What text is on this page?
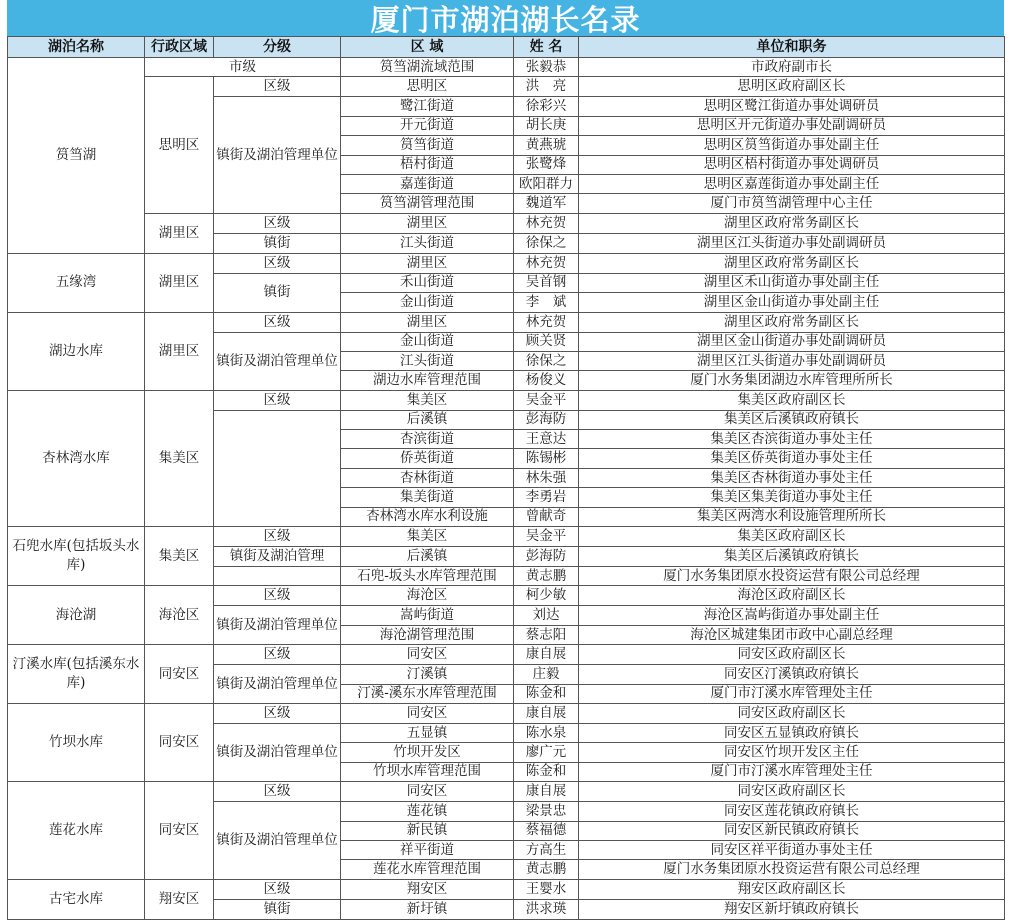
厦门市湖泊湖长名录
湖泊名称	行政区域	分级	区 域	姓 名	单位和职务
筼筜湖	市级		筼筜湖流域范围	张毅恭	市政府副市长
	思明区	区级	思明区	洪　亮	思明区政府副区长
		镇街及湖泊管理单位	鹭江街道	徐彩兴	思明区鹭江街道办事处调研员
			开元街道	胡长庚	思明区开元街道办事处副调研员
			筼筜街道	黄燕琥	思明区筼筜街道办事处副主任
			梧村街道	张鹭烽	思明区梧村街道办事处调研员
			嘉莲街道	欧阳群力	思明区嘉莲街道办事处副主任
			筼筜湖管理范围	魏道军	厦门市筼筜湖管理中心主任
	湖里区	区级	湖里区	林充贺	湖里区政府常务副区长
		镇街	江头街道	徐保之	湖里区江头街道办事处副调研员
五缘湾	湖里区	区级	湖里区	林充贺	湖里区政府常务副区长
		镇街	禾山街道	吴首钢	湖里区禾山街道办事处副主任
			金山街道	李　斌	湖里区金山街道办事处副主任
湖边水库	湖里区	区级	湖里区	林充贺	湖里区政府常务副区长
		镇街及湖泊管理单位	金山街道	顾关贤	湖里区金山街道办事处副调研员
			江头街道	徐保之	湖里区江头街道办事处副调研员
			湖边水库管理范围	杨俊义	厦门水务集团湖边水库管理所所长
杏林湾水库	集美区	区级	集美区	吴金平	集美区政府副区长
			后溪镇	彭海防	集美区后溪镇政府镇长
			杏滨街道	王意达	集美区杏滨街道办事处主任
			侨英街道	陈锡彬	集美区侨英街道办事处主任
			杏林街道	林朱强	集美区杏林街道办事处主任
			集美街道	李勇岩	集美区集美街道办事处主任
			杏林湾水库水利设施	曾献奇	集美区两湾水利设施管理所所长
石兜水库(包括坂头水库)	集美区	区级	集美区	吴金平	集美区政府副区长
		镇街及湖泊管理	后溪镇	彭海防	集美区后溪镇政府镇长
			石兜-坂头水库管理范围	黄志鹏	厦门水务集团原水投资运营有限公司总经理
海沧湖	海沧区	区级	海沧区	柯少敏	海沧区政府副区长
		镇街及湖泊管理单位	嵩屿街道	刘达	海沧区嵩屿街道办事处副主任
			海沧湖管理范围	蔡志阳	海沧区城建集团市政中心副总经理
汀溪水库(包括溪东水库)	同安区	区级	同安区	康自展	同安区政府副区长
		镇街及湖泊管理单位	汀溪镇	庄毅	同安区汀溪镇政府镇长
			汀溪-溪东水库管理范围	陈金和	厦门市汀溪水库管理处主任
竹坝水库	同安区	区级	同安区	康自展	同安区政府副区长
		镇街及湖泊管理单位	五显镇	陈水泉	同安区五显镇政府镇长
			竹坝开发区	廖广元	同安区竹坝开发区主任
			竹坝水库管理范围	陈金和	厦门市汀溪水库管理处主任
莲花水库	同安区	区级	同安区	康自展	同安区政府副区长
		镇街及湖泊管理单位	莲花镇	梁景忠	同安区莲花镇政府镇长
			新民镇	蔡福德	同安区新民镇政府镇长
			祥平街道	方高生	同安区祥平街道办事处主任
			莲花水库管理范围	黄志鹏	厦门水务集团原水投资运营有限公司总经理
古宅水库	翔安区	区级	翔安区	王婴水	翔安区政府副区长
		镇街	新圩镇	洪求瑛	翔安区新圩镇政府镇长
